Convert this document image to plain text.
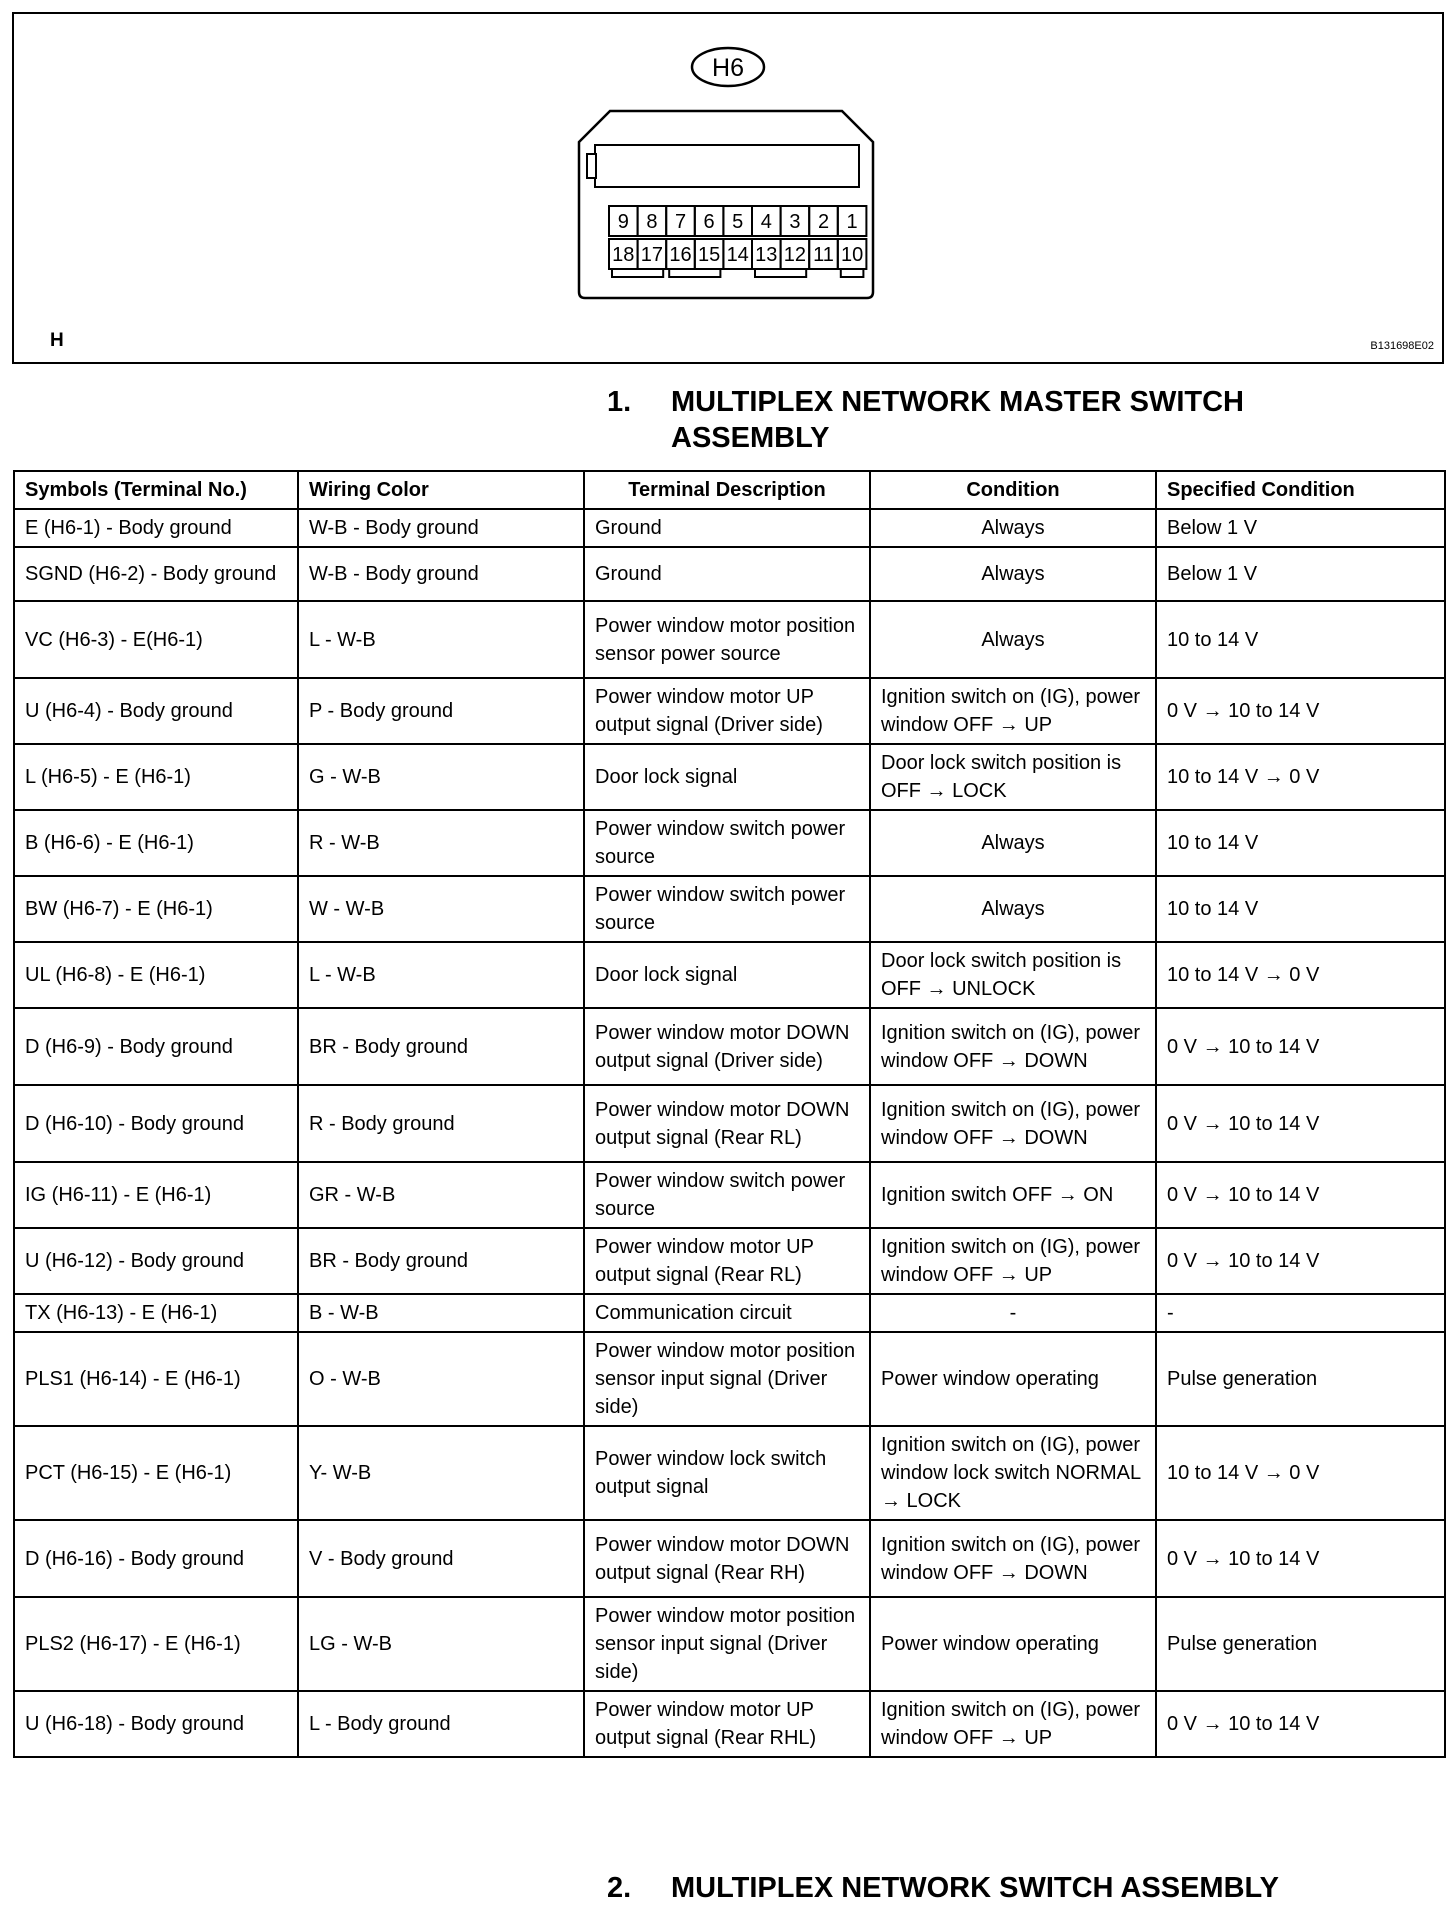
H6
9 8 7 6 5 4 3 2 1
18 17 16 15 14 13 12 11 10
H	B131698E02
1. MULTIPLEX NETWORK MASTER SWITCH
ASSEMBLY
Symbols (Terminal No.)	Wiring Color	Terminal Description	Condition	Specified Condition
E (H6-1) - Body ground	W-B - Body ground	Ground	Always	Below 1 V
SGND (H6-2) - Body ground	W-B - Body ground	Ground	Always	Below 1 V
VC (H6-3) - E(H6-1)	L - W-B	Power window motor position sensor power source	Always	10 to 14 V
U (H6-4) - Body ground	P - Body ground	Power window motor UP output signal (Driver side)	Ignition switch on (IG), power window OFF → UP	0 V → 10 to 14 V
L (H6-5) - E (H6-1)	G - W-B	Door lock signal	Door lock switch position is OFF → LOCK	10 to 14 V → 0 V
B (H6-6) - E (H6-1)	R - W-B	Power window switch power source	Always	10 to 14 V
BW (H6-7) - E (H6-1)	W - W-B	Power window switch power source	Always	10 to 14 V
UL (H6-8) - E (H6-1)	L - W-B	Door lock signal	Door lock switch position is OFF → UNLOCK	10 to 14 V → 0 V
D (H6-9) - Body ground	BR - Body ground	Power window motor DOWN output signal (Driver side)	Ignition switch on (IG), power window OFF → DOWN	0 V → 10 to 14 V
D (H6-10) - Body ground	R - Body ground	Power window motor DOWN output signal (Rear RL)	Ignition switch on (IG), power window OFF → DOWN	0 V → 10 to 14 V
IG (H6-11) - E (H6-1)	GR - W-B	Power window switch power source	Ignition switch OFF → ON	0 V → 10 to 14 V
U (H6-12) - Body ground	BR - Body ground	Power window motor UP output signal (Rear RL)	Ignition switch on (IG), power window OFF → UP	0 V → 10 to 14 V
TX (H6-13) - E (H6-1)	B - W-B	Communication circuit	-	-
PLS1 (H6-14) - E (H6-1)	O - W-B	Power window motor position sensor input signal (Driver side)	Power window operating	Pulse generation
PCT (H6-15) - E (H6-1)	Y- W-B	Power window lock switch output signal	Ignition switch on (IG), power window lock switch NORMAL → LOCK	10 to 14 V → 0 V
D (H6-16) - Body ground	V - Body ground	Power window motor DOWN output signal (Rear RH)	Ignition switch on (IG), power window OFF → DOWN	0 V → 10 to 14 V
PLS2 (H6-17) - E (H6-1)	LG - W-B	Power window motor position sensor input signal (Driver side)	Power window operating	Pulse generation
U (H6-18) - Body ground	L - Body ground	Power window motor UP output signal (Rear RHL)	Ignition switch on (IG), power window OFF → UP	0 V → 10 to 14 V
2. MULTIPLEX NETWORK SWITCH ASSEMBLY
